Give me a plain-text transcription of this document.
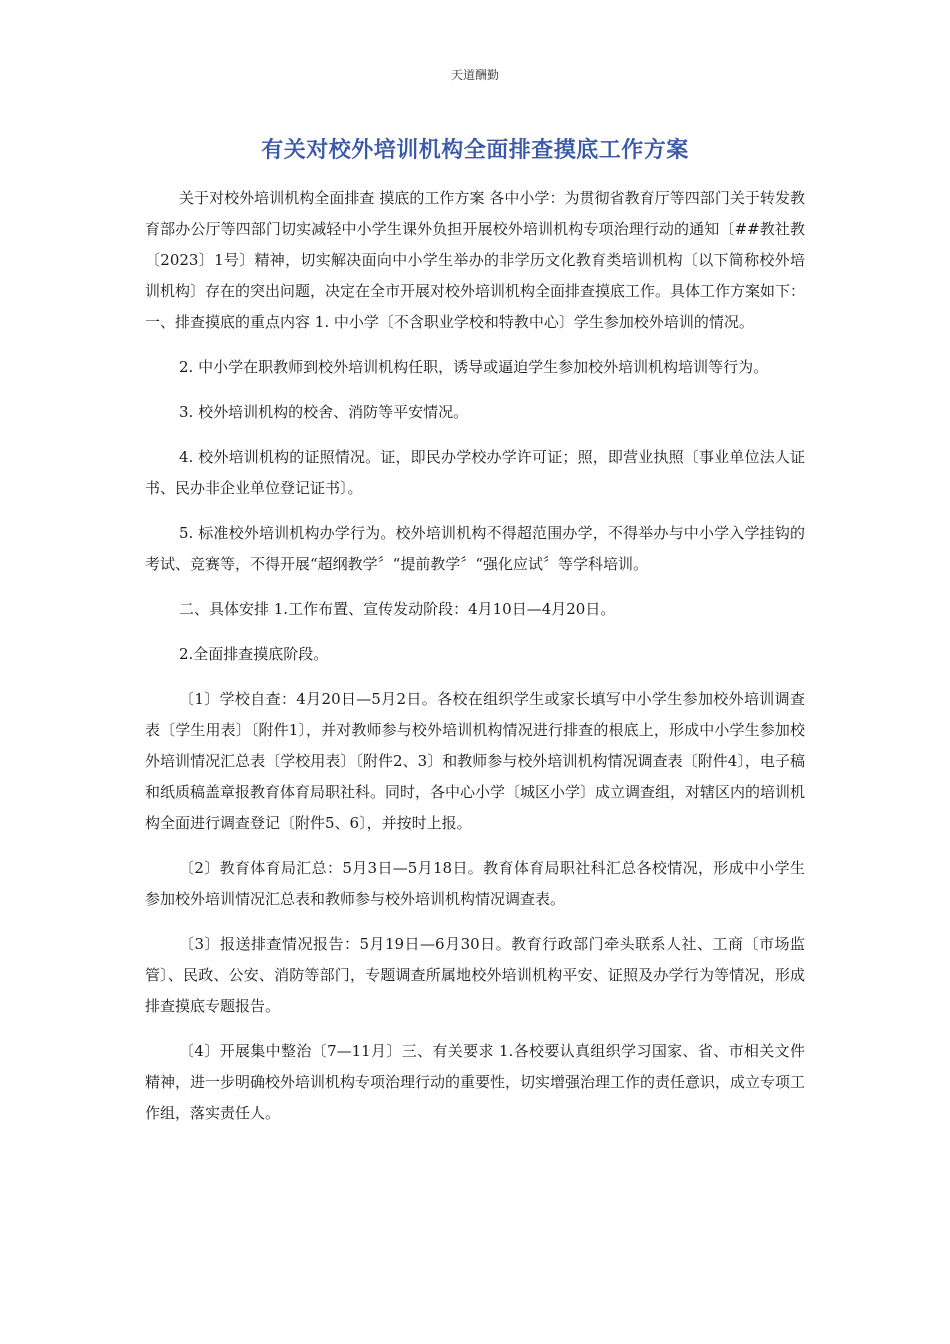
天道酬勤
有关对校外培训机构全面排查摸底工作方案

关于对校外培训机构全面排查 摸底的工作方案 各中小学：为贯彻省教育厅等四部门关于转发教育部办公厅等四部门切实减轻中小学生课外负担开展校外培训机构专项治理行动的通知〔##教社教〔2023〕1号〕精神，切实解决面向中小学生举办的非学历文化教育类培训机构〔以下简称校外培训机构〕存在的突出问题，决定在全市开展对校外培训机构全面排查摸底工作。具体工作方案如下：一、排查摸底的重点内容 1. 中小学〔不含职业学校和特教中心〕学生参加校外培训的情况。

2. 中小学在职教师到校外培训机构任职，诱导或逼迫学生参加校外培训机构培训等行为。

3. 校外培训机构的校舍、消防等平安情况。

4. 校外培训机构的证照情况。证，即民办学校办学许可证；照，即营业执照〔事业单位法人证书、民办非企业单位登记证书〕。

5. 标准校外培训机构办学行为。校外培训机构不得超范围办学，不得举办与中小学入学挂钩的考试、竞赛等，不得开展“超纲教学〞“提前教学〞“强化应试〞等学科培训。

二、具体安排 1.工作布置、宣传发动阶段：4月10日—4月20日。

2.全面排查摸底阶段。

〔1〕学校自查：4月20日—5月2日。各校在组织学生或家长填写中小学生参加校外培训调查表〔学生用表〕〔附件1〕，并对教师参与校外培训机构情况进行排查的根底上，形成中小学生参加校外培训情况汇总表〔学校用表〕〔附件2、3〕和教师参与校外培训机构情况调查表〔附件4〕，电子稿和纸质稿盖章报教育体育局职社科。同时，各中心小学〔城区小学〕成立调查组，对辖区内的培训机构全面进行调查登记〔附件5、6〕，并按时上报。

〔2〕教育体育局汇总：5月3日—5月18日。教育体育局职社科汇总各校情况，形成中小学生参加校外培训情况汇总表和教师参与校外培训机构情况调查表。

〔3〕报送排查情况报告：5月19日—6月30日。教育行政部门牵头联系人社、工商〔市场监管〕、民政、公安、消防等部门，专题调查所属地校外培训机构平安、证照及办学行为等情况，形成排查摸底专题报告。

〔4〕开展集中整治〔7—11月〕三、有关要求 1.各校要认真组织学习国家、省、市相关文件精神，进一步明确校外培训机构专项治理行动的重要性，切实增强治理工作的责任意识，成立专项工作组，落实责任人。
